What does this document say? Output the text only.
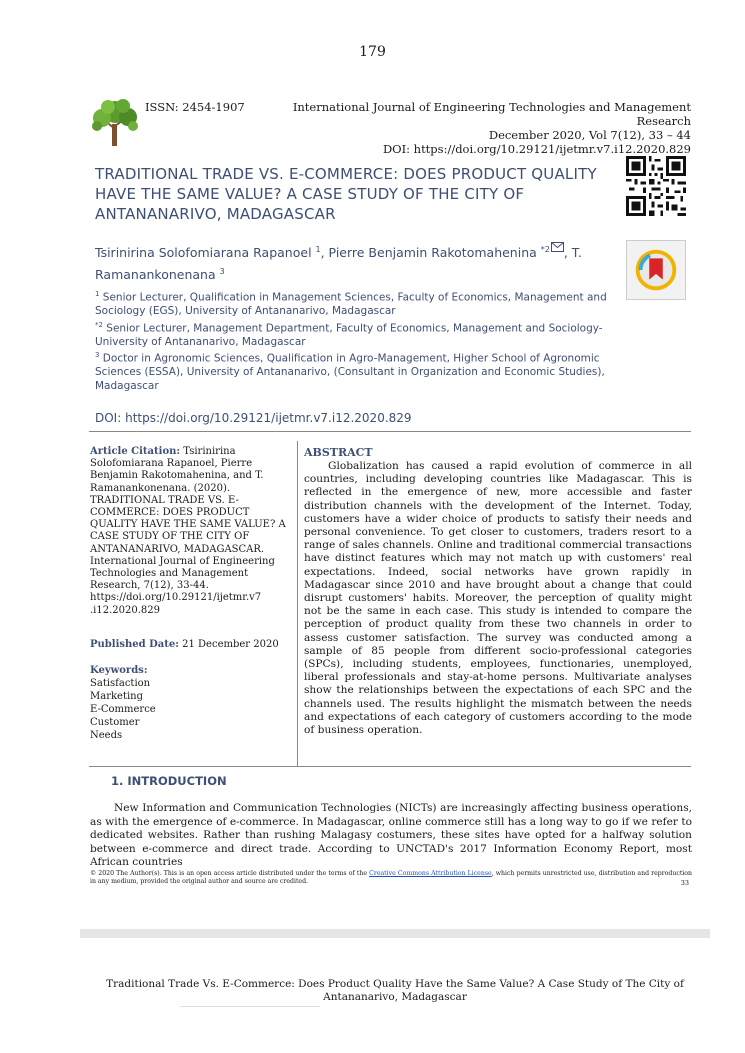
179
ISSN: 2454-1907	International Journal of Engineering Technologies and Management Research
December 2020, Vol 7(12), 33 – 44
DOI: https://doi.org/10.29121/ijetmr.v7.i12.2020.829
TRADITIONAL TRADE VS. E-COMMERCE: DOES PRODUCT QUALITY HAVE THE SAME VALUE? A CASE STUDY OF THE CITY OF ANTANANARIVO, MADAGASCAR
Tsirinirina Solofomiarana Rapanoel $^1$, Pierre Benjamin Rakotomahenina $^{*2}$ , T. Ramanankonenana $^3$
$^1$ Senior Lecturer, Qualification in Management Sciences, Faculty of Economics, Management and Sociology (EGS), University of Antananarivo, Madagascar
$^{*2}$ Senior Lecturer, Management Department, Faculty of Economics, Management and Sociology- University of Antananarivo, Madagascar
$^3$ Doctor in Agronomic Sciences, Qualification in Agro-Management, Higher School of Agronomic Sciences (ESSA), University of Antananarivo, (Consultant in Organization and Economic Studies), Madagascar
DOI: https://doi.org/10.29121/ijetmr.v7.i12.2020.829
Article Citation: Tsirinirina Solofomiarana Rapanoel, Pierre Benjamin Rakotomahenina, and T. Ramanankonenana. (2020). TRADITIONAL TRADE VS. E-COMMERCE: DOES PRODUCT QUALITY HAVE THE SAME VALUE? A CASE STUDY OF THE CITY OF ANTANANARIVO, MADAGASCAR. International Journal of Engineering Technologies and Management Research, 7(12), 33-44. https://doi.org/10.29121/ijetmr.v7 .i12.2020.829
Published Date: 21 December 2020
Keywords:
Satisfaction
Marketing
E-Commerce
Customer
Needs
ABSTRACT
Globalization has caused a rapid evolution of commerce in all countries, including developing countries like Madagascar. This is reflected in the emergence of new, more accessible and faster distribution channels with the development of the Internet. Today, customers have a wider choice of products to satisfy their needs and personal convenience. To get closer to customers, traders resort to a range of sales channels. Online and traditional commercial transactions have distinct features which may not match up with customers' real expectations. Indeed, social networks have grown rapidly in Madagascar since 2010 and have brought about a change that could disrupt customers' habits. Moreover, the perception of quality might not be the same in each case. This study is intended to compare the perception of product quality from these two channels in order to assess customer satisfaction. The survey was conducted among a sample of 85 people from different socio-professional categories (SPCs), including students, employees, functionaries, unemployed, liberal professionals and stay-at-home persons. Multivariate analyses show the relationships between the expectations of each SPC and the channels used. The results highlight the mismatch between the needs and expectations of each category of customers according to the mode of business operation.
1. INTRODUCTION
New Information and Communication Technologies (NICTs) are increasingly affecting business operations, as with the emergence of e-commerce. In Madagascar, online commerce still has a long way to go if we refer to dedicated websites. Rather than rushing Malagasy costumers, these sites have opted for a halfway solution between e-commerce and direct trade. According to UNCTAD's 2017 Information Economy Report, most African countries
© 2020 The Author(s). This is an open access article distributed under the terms of the Creative Commons Attribution License, which permits unrestricted use, distribution and reproduction in any medium, provided the original author and source are credited.	33
Traditional Trade Vs. E-Commerce: Does Product Quality Have the Same Value? A Case Study of The City of Antananarivo, Madagascar
